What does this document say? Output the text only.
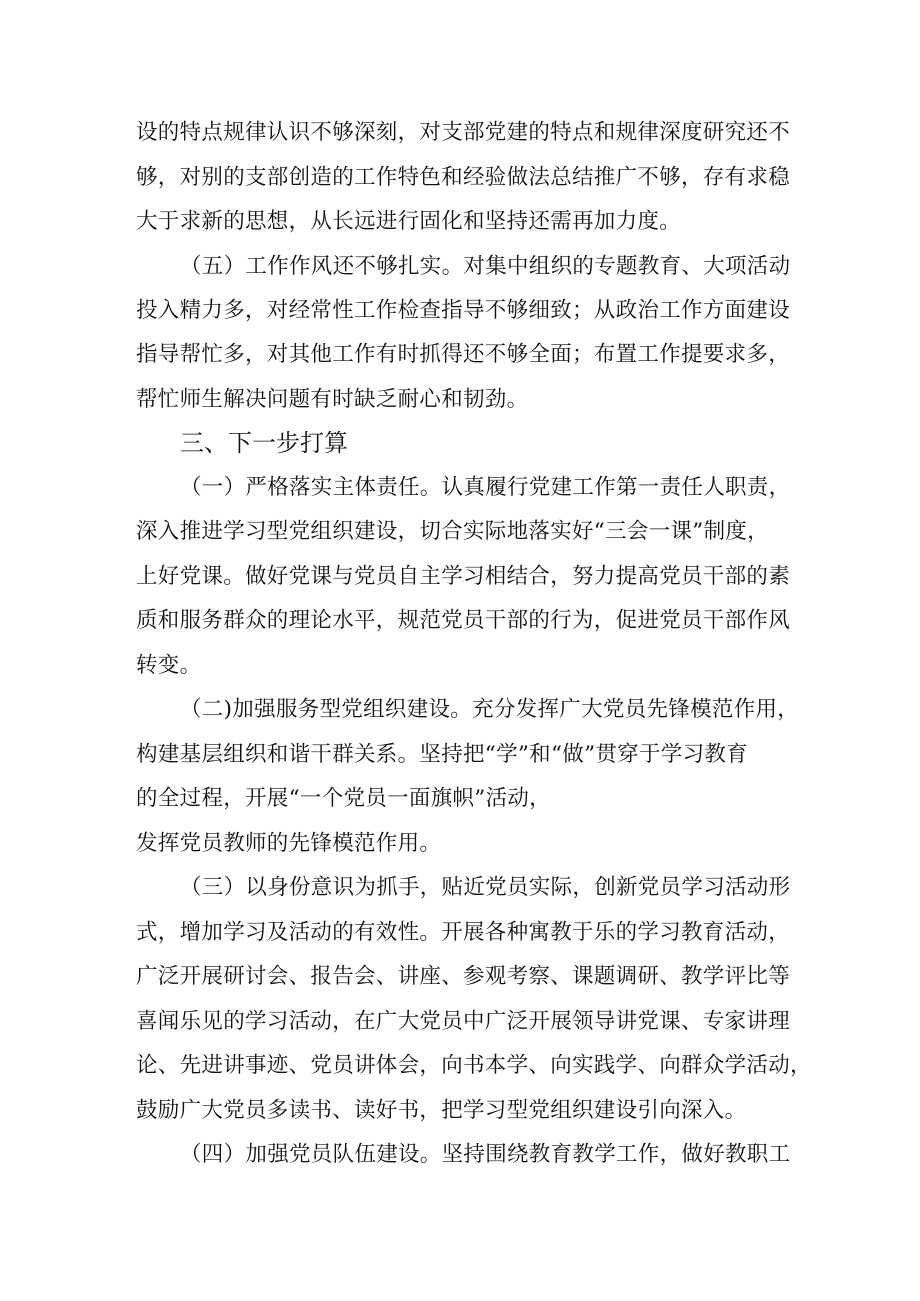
设的特点规律认识不够深刻，对支部党建的特点和规律深度研究还不
够，对别的支部创造的工作特色和经验做法总结推广不够，存有求稳
大于求新的思想，从长远进行固化和坚持还需再加力度。
（五）工作作风还不够扎实。对集中组织的专题教育、大项活动
投入精力多，对经常性工作检查指导不够细致；从政治工作方面建设
指导帮忙多，对其他工作有时抓得还不够全面；布置工作提要求多，
帮忙师生解决问题有时缺乏耐心和韧劲。
三、下一步打算
（一）严格落实主体责任。认真履行党建工作第一责任人职责，
深入推进学习型党组织建设，切合实际地落实好“三会一课”制度，
上好党课。做好党课与党员自主学习相结合，努力提高党员干部的素
质和服务群众的理论水平，规范党员干部的行为，促进党员干部作风
转变。
（二)加强服务型党组织建设。充分发挥广大党员先锋模范作用，
构建基层组织和谐干群关系。坚持把“学”和“做”贯穿于学习教育
的全过程，开展“一个党员一面旗帜”活动，
发挥党员教师的先锋模范作用。
（三）以身份意识为抓手，贴近党员实际，创新党员学习活动形
式，增加学习及活动的有效性。开展各种寓教于乐的学习教育活动，
广泛开展研讨会、报告会、讲座、参观考察、课题调研、教学评比等
喜闻乐见的学习活动，在广大党员中广泛开展领导讲党课、专家讲理
论、先进讲事迹、党员讲体会，向书本学、向实践学、向群众学活动，
鼓励广大党员多读书、读好书，把学习型党组织建设引向深入。
（四）加强党员队伍建设。坚持围绕教育教学工作，做好教职工
